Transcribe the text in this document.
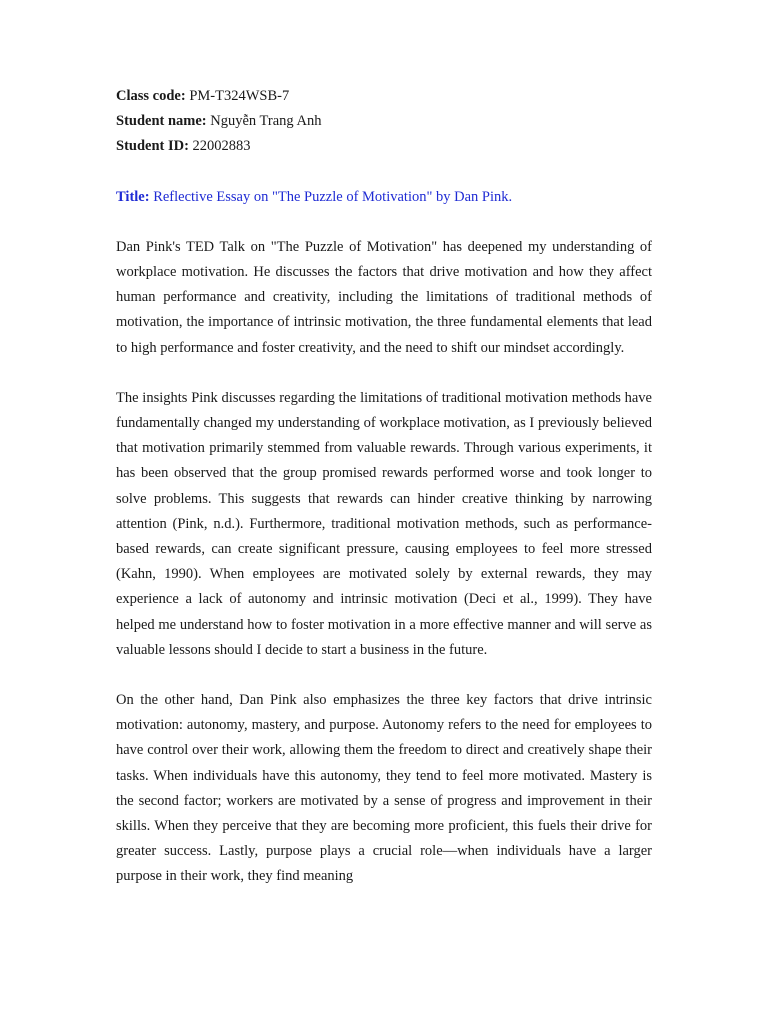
Class code: PM-T324WSB-7

Student name: Nguyễn Trang Anh

Student ID: 22002883

Title: Reflective Essay on "The Puzzle of Motivation" by Dan Pink.

Dan Pink's TED Talk on "The Puzzle of Motivation" has deepened my understanding of workplace motivation. He discusses the factors that drive motivation and how they affect human performance and creativity, including the limitations of traditional methods of motivation, the importance of intrinsic motivation, the three fundamental elements that lead to high performance and foster creativity, and the need to shift our mindset accordingly.

The insights Pink discusses regarding the limitations of traditional motivation methods have fundamentally changed my understanding of workplace motivation, as I previously believed that motivation primarily stemmed from valuable rewards. Through various experiments, it has been observed that the group promised rewards performed worse and took longer to solve problems. This suggests that rewards can hinder creative thinking by narrowing attention (Pink, n.d.). Furthermore, traditional motivation methods, such as performance-based rewards, can create significant pressure, causing employees to feel more stressed (Kahn, 1990). When employees are motivated solely by external rewards, they may experience a lack of autonomy and intrinsic motivation (Deci et al., 1999). They have helped me understand how to foster motivation in a more effective manner and will serve as valuable lessons should I decide to start a business in the future.

On the other hand, Dan Pink also emphasizes the three key factors that drive intrinsic motivation: autonomy, mastery, and purpose. Autonomy refers to the need for employees to have control over their work, allowing them the freedom to direct and creatively shape their tasks. When individuals have this autonomy, they tend to feel more motivated. Mastery is the second factor; workers are motivated by a sense of progress and improvement in their skills. When they perceive that they are becoming more proficient, this fuels their drive for greater success. Lastly, purpose plays a crucial role—when individuals have a larger purpose in their work, they find meaning
